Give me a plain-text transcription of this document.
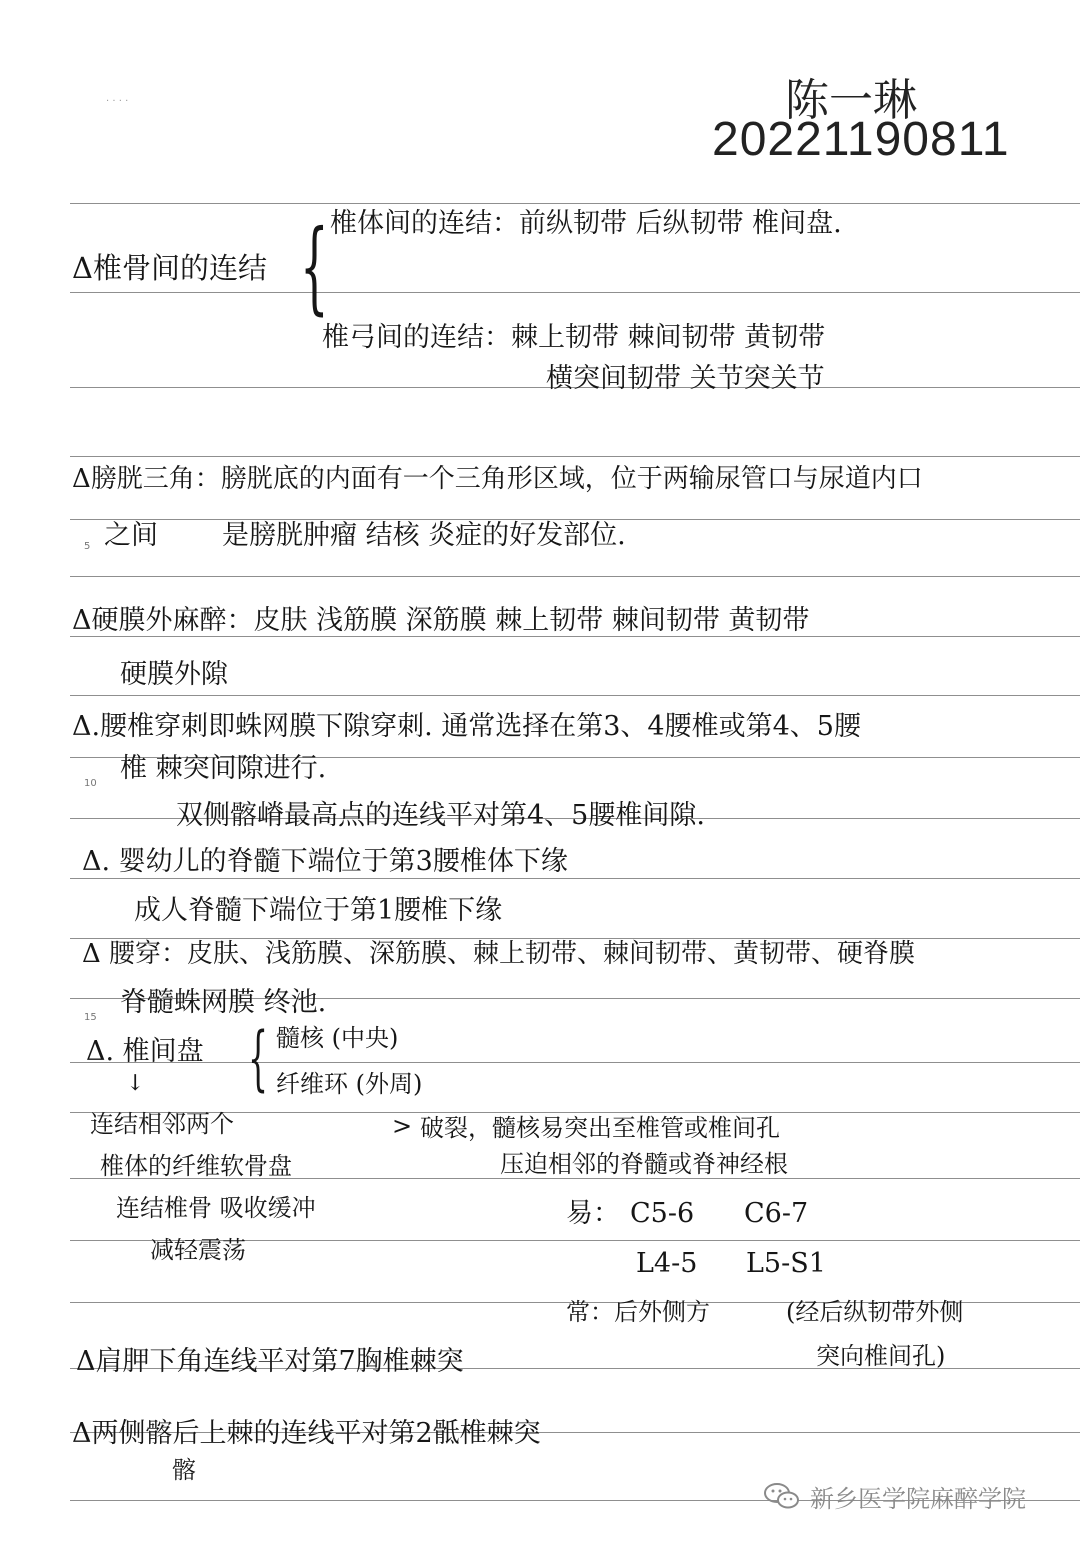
· · · ·
5
10
15
陈一琳
20221190811
Δ椎骨间的连结 { 椎体间的连结：前纵韧带 后纵韧带 椎间盘.
椎弓间的连结：棘上韧带 棘间韧带 黄韧带
横突间韧带 关节突关节
Δ膀胱三角：膀胱底的内面有一个三角形区域，位于两输尿管口与尿道内口
之间 是膀胱肿瘤 结核 炎症的好发部位.
Δ硬膜外麻醉：皮肤 浅筋膜 深筋膜 棘上韧带 棘间韧带 黄韧带
硬膜外隙
Δ.腰椎穿刺即蛛网膜下隙穿刺. 通常选择在第3、4腰椎或第4、5腰
椎 棘突间隙进行.
双侧髂嵴最高点的连线平对第4、5腰椎间隙.
Δ. 婴幼儿的脊髓下端位于第3腰椎体下缘
成人脊髓下端位于第1腰椎下缘
Δ 腰穿：皮肤、浅筋膜、深筋膜、棘上韧带、棘间韧带、黄韧带、硬脊膜
脊髓蛛网膜 终池.
Δ. 椎间盘 { 髓核 (中央)
纤维环 (外周)
↓
连结相邻两个
椎体的纤维软骨盘
连结椎骨 吸收缓冲
减轻震荡
> 破裂，髓核易突出至椎管或椎间孔
压迫相邻的脊髓或脊神经根
易： C5-6 C6-7
L4-5 L5-S1
常：后外侧方	(经后纵韧带外侧
突向椎间孔)
Δ肩胛下角连线平对第7胸椎棘突
Δ两侧髂后上棘的连线平对第2骶椎棘突
髂
新乡医学院麻醉学院
